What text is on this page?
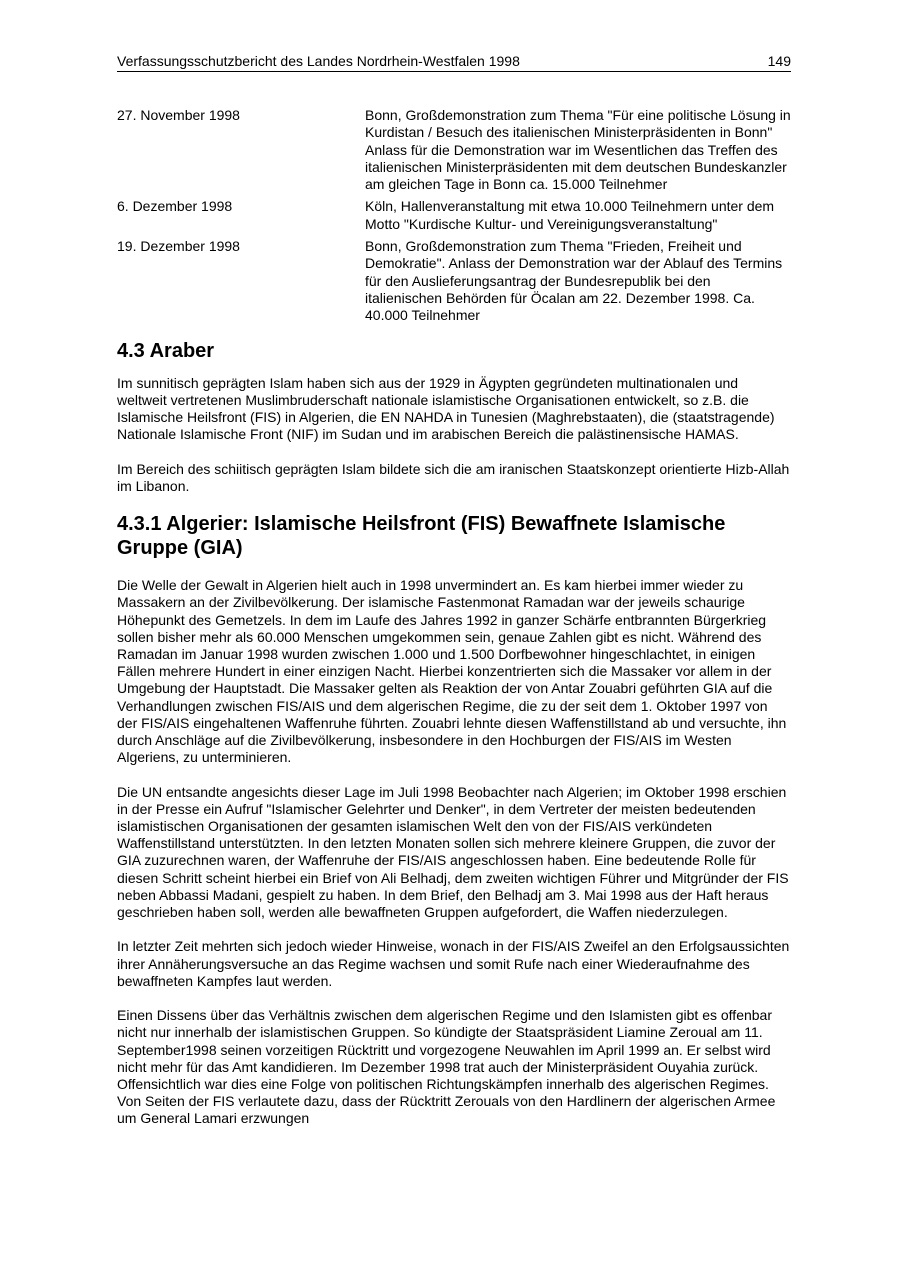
Verfassungsschutzbericht des Landes Nordrhein-Westfalen 1998	149
27. November 1998	Bonn, Großdemonstration zum Thema "Für eine politische Lösung in Kurdistan / Besuch des italienischen Ministerpräsidenten in Bonn" Anlass für die Demonstration war im Wesentlichen das Treffen des italienischen Ministerpräsidenten mit dem deutschen Bundeskanzler am gleichen Tage in Bonn ca. 15.000 Teilnehmer
6. Dezember 1998	Köln, Hallenveranstaltung mit etwa 10.000 Teilnehmern unter dem Motto "Kurdische Kultur- und Vereinigungsveranstaltung"
19. Dezember 1998	Bonn, Großdemonstration zum Thema "Frieden, Freiheit und Demokratie". Anlass der Demonstration war der Ablauf des Termins für den Auslieferungsantrag der Bundesrepublik bei den italienischen Behörden für Öcalan am 22. Dezember 1998. Ca. 40.000 Teilnehmer
4.3 Araber

Im sunnitisch geprägten Islam haben sich aus der 1929 in Ägypten gegründeten multinationalen und weltweit vertretenen Muslimbruderschaft nationale islamistische Organisationen entwickelt, so z.B. die Islamische Heilsfront (FIS) in Algerien, die EN NAHDA in Tunesien (Maghrebstaaten), die (staatstragende) Nationale Islamische Front (NIF) im Sudan und im arabischen Bereich die palästinensische HAMAS.

Im Bereich des schiitisch geprägten Islam bildete sich die am iranischen Staatskonzept orientierte Hizb-Allah im Libanon.

4.3.1 Algerier: Islamische Heilsfront (FIS) Bewaffnete Islamische Gruppe (GIA)

Die Welle der Gewalt in Algerien hielt auch in 1998 unvermindert an. Es kam hierbei immer wieder zu Massakern an der Zivilbevölkerung. Der islamische Fastenmonat Ramadan war der jeweils schaurige Höhepunkt des Gemetzels. In dem im Laufe des Jahres 1992 in ganzer Schärfe entbrannten Bürgerkrieg sollen bisher mehr als 60.000 Menschen umgekommen sein, genaue Zahlen gibt es nicht. Während des Ramadan im Januar 1998 wurden zwischen 1.000 und 1.500 Dorfbewohner hingeschlachtet, in einigen Fällen mehrere Hundert in einer einzigen Nacht. Hierbei konzentrierten sich die Massaker vor allem in der Umgebung der Hauptstadt. Die Massaker gelten als Reaktion der von Antar Zouabri geführten GIA auf die Verhandlungen zwischen FIS/AIS und dem algerischen Regime, die zu der seit dem 1. Oktober 1997 von der FIS/AIS eingehaltenen Waffenruhe führten. Zouabri lehnte diesen Waffenstillstand ab und versuchte, ihn durch Anschläge auf die Zivilbevölkerung, insbesondere in den Hochburgen der FIS/AIS im Westen Algeriens, zu unterminieren.

Die UN entsandte angesichts dieser Lage im Juli 1998 Beobachter nach Algerien; im Oktober 1998 erschien in der Presse ein Aufruf "Islamischer Gelehrter und Denker", in dem Vertreter der meisten bedeutenden islamistischen Organisationen der gesamten islamischen Welt den von der FIS/AIS verkündeten Waffenstillstand unterstützten. In den letzten Monaten sollen sich mehrere kleinere Gruppen, die zuvor der GIA zuzurechnen waren, der Waffenruhe der FIS/AIS angeschlossen haben. Eine bedeutende Rolle für diesen Schritt scheint hierbei ein Brief von Ali Belhadj, dem zweiten wichtigen Führer und Mitgründer der FIS neben Abbassi Madani, gespielt zu haben. In dem Brief, den Belhadj am 3. Mai 1998 aus der Haft heraus geschrieben haben soll, werden alle bewaffneten Gruppen aufgefordert, die Waffen niederzulegen.

In letzter Zeit mehrten sich jedoch wieder Hinweise, wonach in der FIS/AIS Zweifel an den Erfolgsaussichten ihrer Annäherungsversuche an das Regime wachsen und somit Rufe nach einer Wiederaufnahme des bewaffneten Kampfes laut werden.

Einen Dissens über das Verhältnis zwischen dem algerischen Regime und den Islamisten gibt es offenbar nicht nur innerhalb der islamistischen Gruppen. So kündigte der Staatspräsident Liamine Zeroual am 11. September1998 seinen vorzeitigen Rücktritt und vorgezogene Neuwahlen im April 1999 an. Er selbst wird nicht mehr für das Amt kandidieren. Im Dezember 1998 trat auch der Ministerpräsident Ouyahia zurück. Offensichtlich war dies eine Folge von politischen Richtungskämpfen innerhalb des algerischen Regimes. Von Seiten der FIS verlautete dazu, dass der Rücktritt Zerouals von den Hardlinern der algerischen Armee um General Lamari erzwungen
